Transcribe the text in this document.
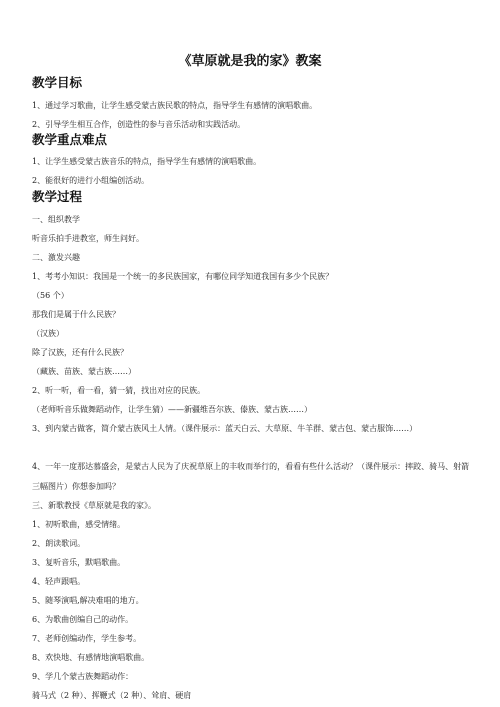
《草原就是我的家》教案
教学目标
1、通过学习歌曲，让学生感受蒙古族民歌的特点，指导学生有感情的演唱歌曲。
2、引导学生相互合作，创造性的参与音乐活动和实践活动。
教学重点难点
1、让学生感受蒙古族音乐的特点，指导学生有感情的演唱歌曲。
2、能很好的进行小组编创活动。
教学过程
一、组织教学
听音乐拍手进教室，师生问好。
二、激发兴趣
1、考考小知识：我国是一个统一的多民族国家，有哪位同学知道我国有多少个民族？
（56 个）
那我们是属于什么民族？
（汉族）
除了汉族，还有什么民族？
（藏族、苗族、蒙古族……）
2、听一听，看一看，猜一猜，找出对应的民族。
（老师听音乐做舞蹈动作，让学生猜）——新疆维吾尔族、傣族、蒙古族……）
3、到内蒙古做客，简介蒙古族风土人情。（课件展示：蓝天白云、大草原、牛羊群、蒙古包、蒙古服饰……）
4、一年一度那达慕盛会，是蒙古人民为了庆祝草原上的丰收而举行的，看看有些什么活动？（课件展示：摔跤、骑马、射箭三幅图片）你想参加吗？
三、新歌教授《草原就是我的家》。
1、初听歌曲，感受情绪。
2、朗读歌词。
3、复听音乐，默唱歌曲。
4、轻声跟唱。
5、随琴演唱,解决难唱的地方。
6、为歌曲创编自己的动作。
7、老师创编动作，学生参考。
8、欢快地、有感情地演唱歌曲。
9、学几个蒙古族舞蹈动作：
骑马式（2 种）、挥鞭式（2 种）、耸肩、硬肩
